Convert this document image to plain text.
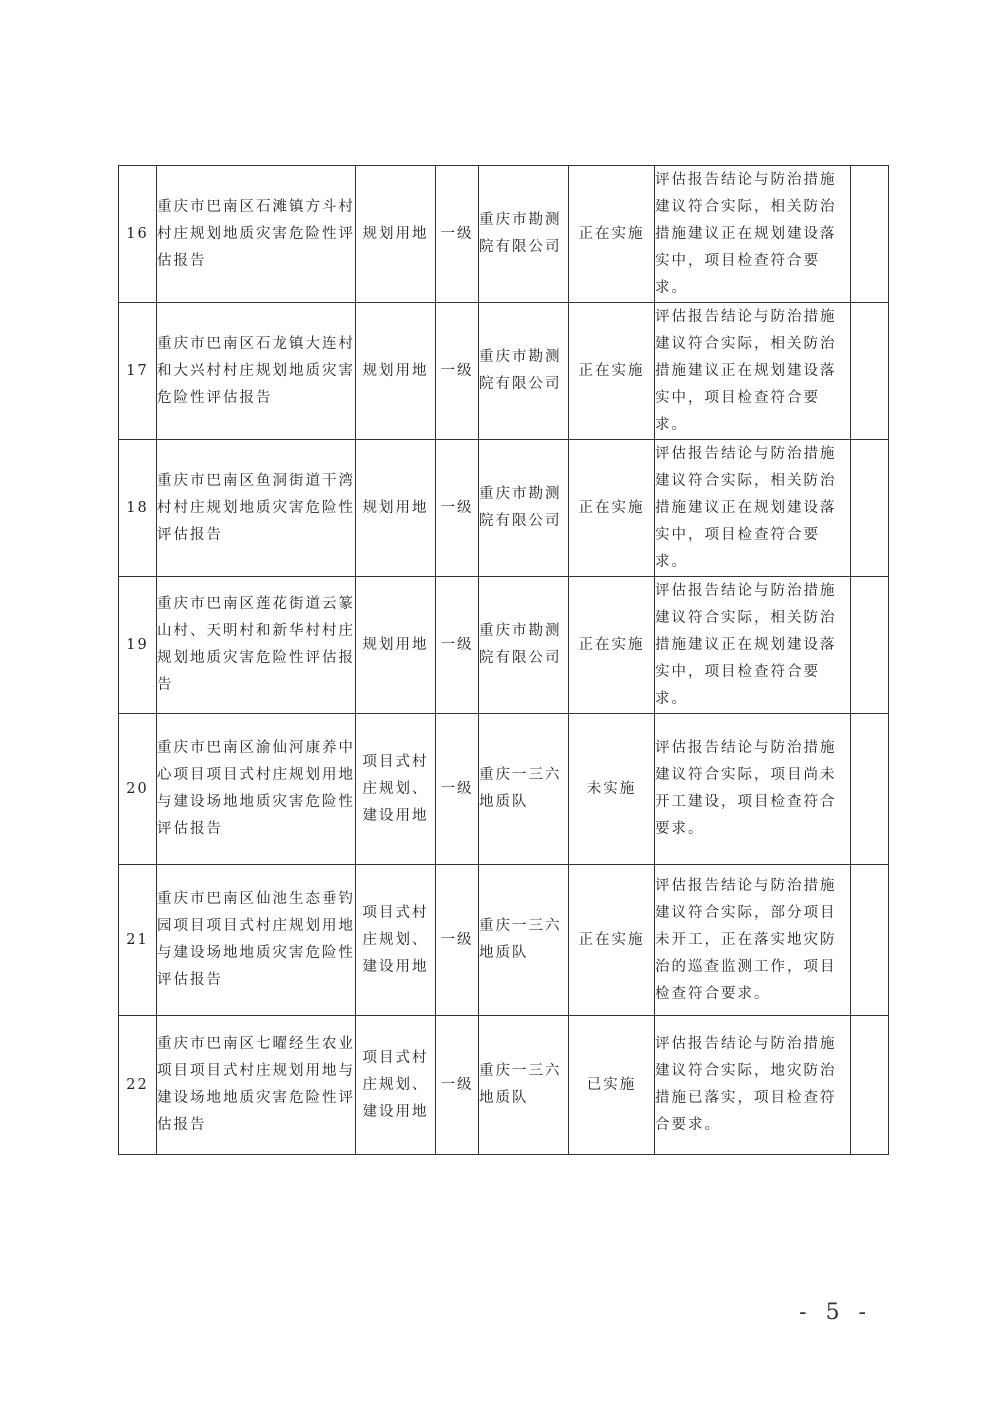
16	重庆市巴南区石滩镇方斗村村庄规划地质灾害危险性评估报告	规划用地	一级	重庆市勘测院有限公司	正在实施	评估报告结论与防治措施建议符合实际，相关防治措施建议正在规划建设落实中，项目检查符合要求。	
17	重庆市巴南区石龙镇大连村和大兴村村庄规划地质灾害危险性评估报告	规划用地	一级	重庆市勘测院有限公司	正在实施	评估报告结论与防治措施建议符合实际，相关防治措施建议正在规划建设落实中，项目检查符合要求。	
18	重庆市巴南区鱼洞街道干湾村村庄规划地质灾害危险性评估报告	规划用地	一级	重庆市勘测院有限公司	正在实施	评估报告结论与防治措施建议符合实际，相关防治措施建议正在规划建设落实中，项目检查符合要求。	
19	重庆市巴南区莲花街道云篆山村、天明村和新华村村庄规划地质灾害危险性评估报告	规划用地	一级	重庆市勘测院有限公司	正在实施	评估报告结论与防治措施建议符合实际，相关防治措施建议正在规划建设落实中，项目检查符合要求。	
20	重庆市巴南区渝仙河康养中心项目项目式村庄规划用地与建设场地地质灾害危险性评估报告	项目式村庄规划、建设用地	一级	重庆一三六地质队	未实施	评估报告结论与防治措施建议符合实际，项目尚未开工建设，项目检查符合要求。	
21	重庆市巴南区仙池生态垂钓园项目项目式村庄规划用地与建设场地地质灾害危险性评估报告	项目式村庄规划、建设用地	一级	重庆一三六地质队	正在实施	评估报告结论与防治措施建议符合实际，部分项目未开工，正在落实地灾防治的巡查监测工作，项目检查符合要求。	
22	重庆市巴南区七曜经生农业项目项目式村庄规划用地与建设场地地质灾害危险性评估报告	项目式村庄规划、建设用地	一级	重庆一三六地质队	已实施	评估报告结论与防治措施建议符合实际，地灾防治措施已落实，项目检查符合要求。	
- 5 -
